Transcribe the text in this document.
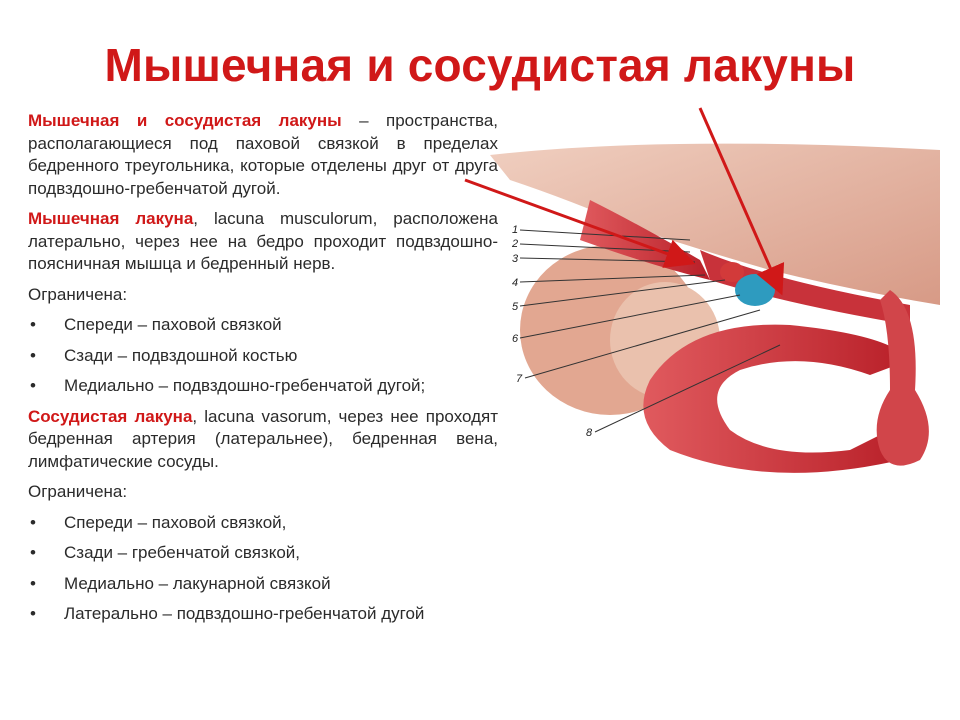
Мышечная и сосудистая лакуны

Мышечная и сосудистая лакуны – пространства, располагающиеся под паховой связкой в пределах бедренного треугольника, которые отделены друг от друга подвздошно-гребенчатой дугой.

Мышечная лакуна, lacuna musculorum, расположена латерально, через нее на бедро проходит подвздошно-поясничная мышца и бедренный нерв.

Ограничена:

• Спереди – паховой связкой
• Сзади – подвздошной костью
• Медиально – подвздошно-гребенчатой дугой;

Сосудистая лакуна, lacuna vasorum, через нее проходят бедренная артерия (латеральнее), бедренная вена, лимфатические сосуды.

Ограничена:

• Спереди – паховой связкой,
• Сзади – гребенчатой связкой,
• Медиально – лакунарной связкой
• Латерально – подвздошно-гребенчатой дугой
1
2
3
4
5
6
7
8
